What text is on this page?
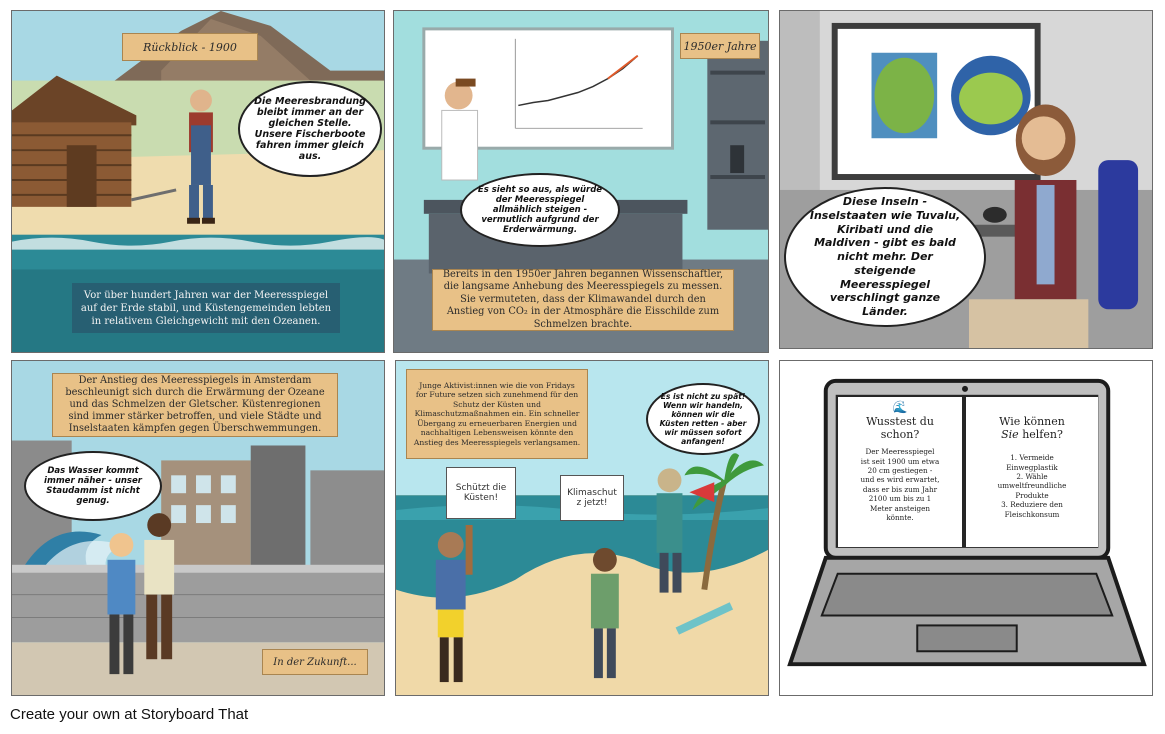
Rückblick - 1900
Die Meeresbrandung bleibt immer an der gleichen Stelle. Unsere Fischerboote fahren immer gleich aus.
Vor über hundert Jahren war der Meeresspiegel auf der Erde stabil, und Küstengemeinden lebten in relativem Gleichgewicht mit den Ozeanen.
1950er Jahre
Es sieht so aus, als würde der Meeresspiegel allmählich steigen - vermutlich aufgrund der Erderwärmung.
Bereits in den 1950er Jahren begannen Wissenschaftler, die langsame Anhebung des Meeresspiegels zu messen. Sie vermuteten, dass der Klimawandel durch den Anstieg von CO₂ in der Atmosphäre die Eisschilde zum Schmelzen brachte.
Diese Inseln - Inselstaaten wie Tuvalu, Kiribati und die Maldiven - gibt es bald nicht mehr. Der steigende Meeresspiegel verschlingt ganze Länder.
Der Anstieg des Meeresspiegels in Amsterdam beschleunigt sich durch die Erwärmung der Ozeane und das Schmelzen der Gletscher. Küstenregionen sind immer stärker betroffen, und viele Städte und Inselstaaten kämpfen gegen Überschwemmungen.
Das Wasser kommt immer näher - unser Staudamm ist nicht genug.
In der Zukunft...
Junge Aktivist:innen wie die von Fridays for Future setzen sich zunehmend für den Schutz der Küsten und Klimaschutzmaßnahmen ein. Ein schneller Übergang zu erneuerbaren Energien und nachhaltigen Lebensweisen könnte den Anstieg des Meeresspiegels verlangsamen.
Es ist nicht zu spät! Wenn wir handeln, können wir die Küsten retten - aber wir müssen sofort anfangen!
Schützt die Küsten!	Klimaschut z jetzt!
🌊
Wusstest du schon?
Der Meeresspiegel ist seit 1900 um etwa 20 cm gestiegen - und es wird erwartet, dass er bis zum Jahr 2100 um bis zu 1 Meter ansteigen könnte.
Wie können Sie helfen?
1. Vermeide Einwegplastik
2. Wähle umweltfreundliche Produkte
3. Reduziere den Fleischkonsum
Create your own at Storyboard That
